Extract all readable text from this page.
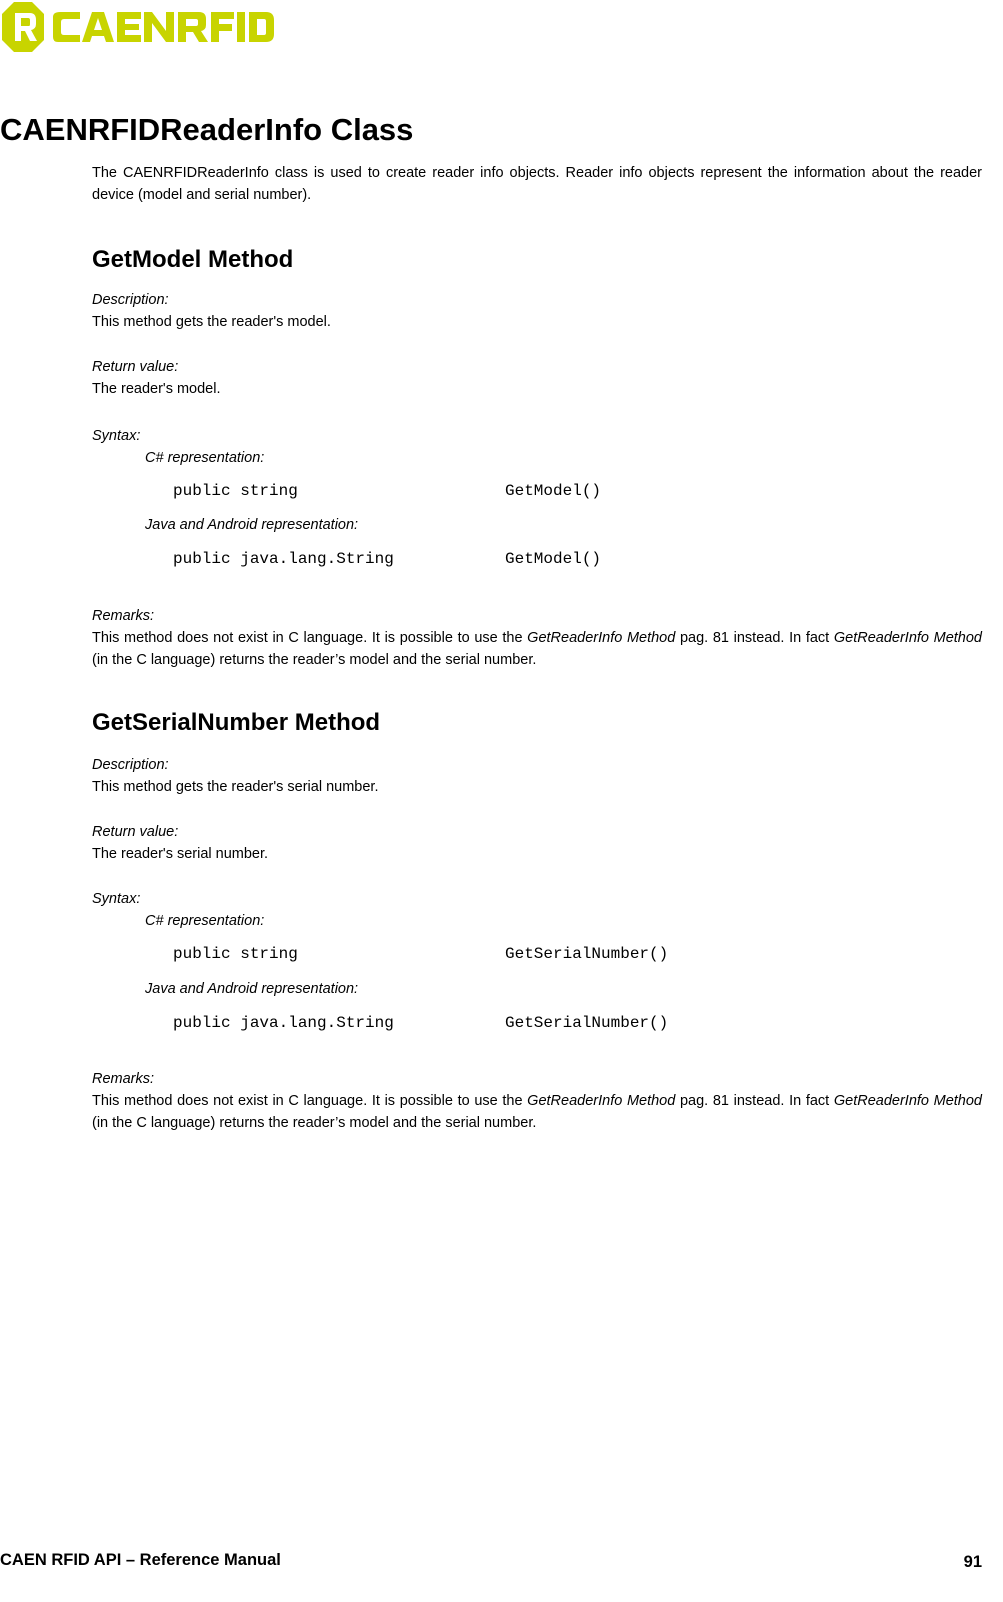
CAENRFIDReaderInfo Class
The CAENRFIDReaderInfo class is used to create reader info objects. Reader info objects represent the information about the reader device (model and serial number).
GetModel Method
Description:
This method gets the reader's model.
Return value:
The reader's model.
Syntax:
C# representation:
public string	GetModel()
Java and Android representation:
public java.lang.String	GetModel()
Remarks:
This method does not exist in C language. It is possible to use the GetReaderInfo Method pag. 81 instead. In fact GetReaderInfo Method (in the C language) returns the reader’s model and the serial number.
GetSerialNumber Method
Description:
This method gets the reader's serial number.
Return value:
The reader's serial number.
Syntax:
C# representation:
public string	GetSerialNumber()
Java and Android representation:
public java.lang.String	GetSerialNumber()
Remarks:
This method does not exist in C language. It is possible to use the GetReaderInfo Method pag. 81 instead. In fact GetReaderInfo Method (in the C language) returns the reader’s model and the serial number.
CAEN RFID API – Reference Manual	91
